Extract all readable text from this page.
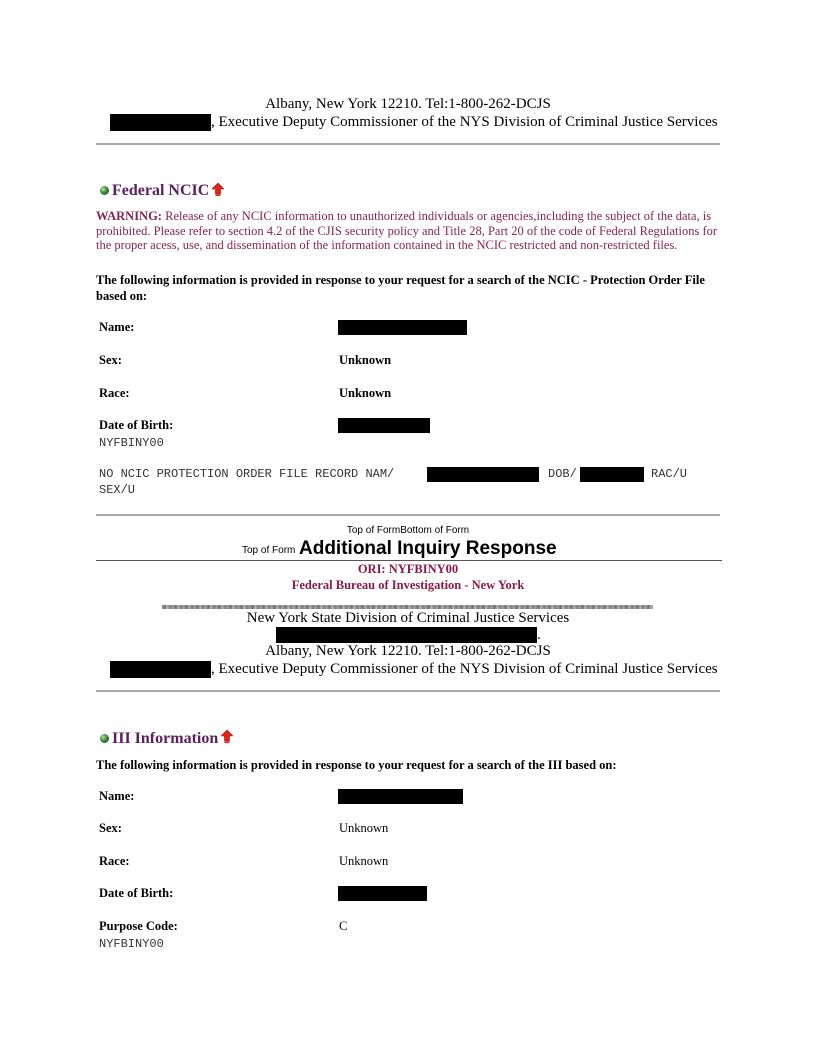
Albany, New York 12210. Tel:1-800-262-DCJS
, Executive Deputy Commissioner of the NYS Division of Criminal Justice Services
Federal NCIC
WARNING: Release of any NCIC information to unauthorized individuals or agencies,including the subject of the data, is prohibited. Please refer to section 4.2 of the CJIS security policy and Title 28, Part 20 of the code of Federal Regulations for the proper acess, use, and dissemination of the information contained in the NCIC restricted and non-restricted files.
The following information is provided in response to your request for a search of the NCIC - Protection Order File based on:
Name:
Sex:	Unknown
Race:	Unknown
Date of Birth:
NYFBINY00
NO NCIC PROTECTION ORDER FILE RECORD NAM/	DOB/	RAC/U
SEX/U
Top of FormBottom of Form
Top of Form Additional Inquiry Response
ORI: NYFBINY00
Federal Bureau of Investigation - New York
New York State Division of Criminal Justice Services
.
Albany, New York 12210. Tel:1-800-262-DCJS
, Executive Deputy Commissioner of the NYS Division of Criminal Justice Services
III Information
The following information is provided in response to your request for a search of the III based on:
Name:
Sex:	Unknown
Race:	Unknown
Date of Birth:
Purpose Code:	C
NYFBINY00
